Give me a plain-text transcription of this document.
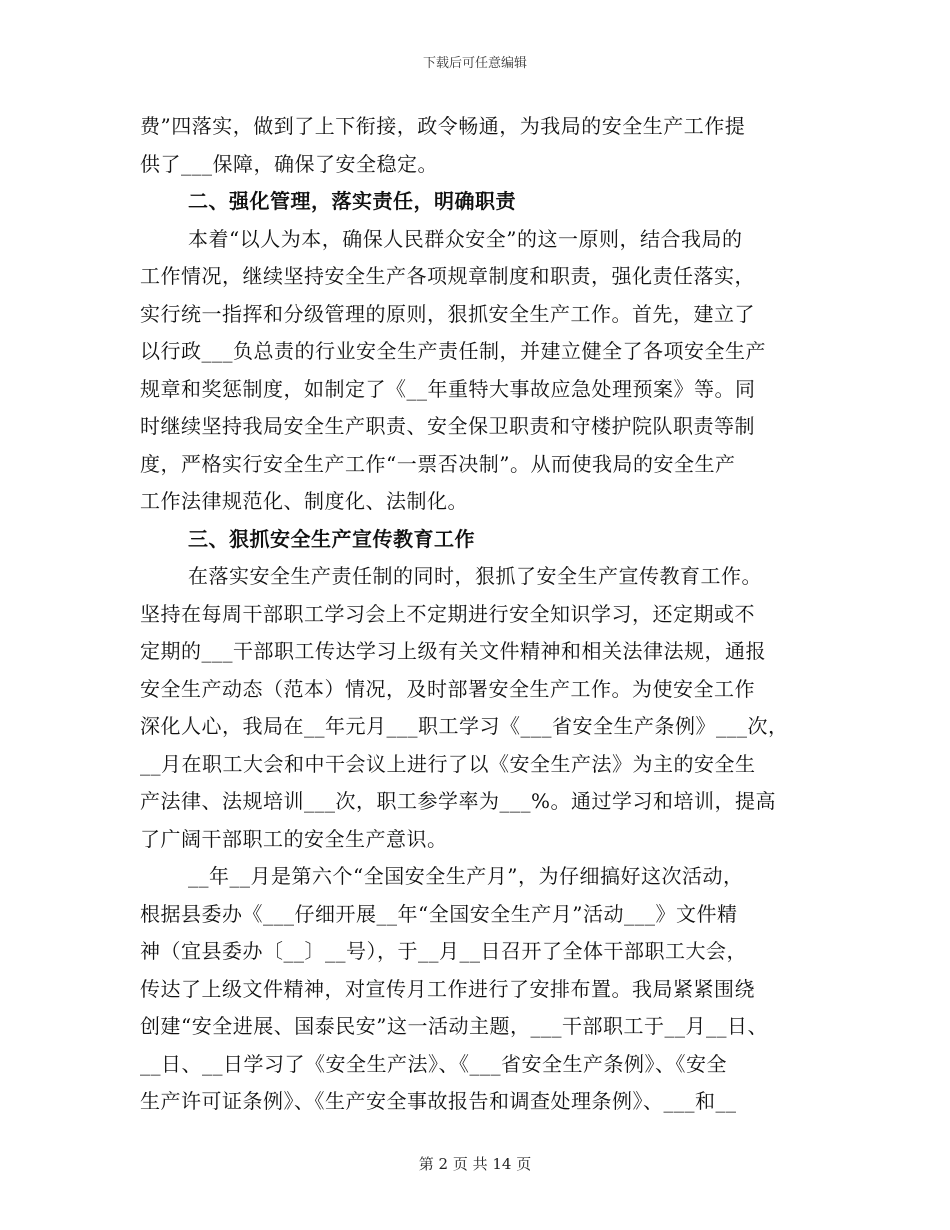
下载后可任意编辑
费”四落实，做到了上下衔接，政令畅通，为我局的安全生产工作提
供了___保障，确保了安全稳定。
二、强化管理，落实责任，明确职责
本着“以人为本，确保人民群众安全”的这一原则，结合我局的
工作情况，继续坚持安全生产各项规章制度和职责，强化责任落实，
实行统一指挥和分级管理的原则，狠抓安全生产工作。首先，建立了
以行政___负总责的行业安全生产责任制，并建立健全了各项安全生产
规章和奖惩制度，如制定了《__年重特大事故应急处理预案》等。同
时继续坚持我局安全生产职责、安全保卫职责和守楼护院队职责等制
度，严格实行安全生产工作“一票否决制”。从而使我局的安全生产
工作法律规范化、制度化、法制化。
三、狠抓安全生产宣传教育工作
在落实安全生产责任制的同时，狠抓了安全生产宣传教育工作。
坚持在每周干部职工学习会上不定期进行安全知识学习，还定期或不
定期的___干部职工传达学习上级有关文件精神和相关法律法规，通报
安全生产动态（范本）情况，及时部署安全生产工作。为使安全工作
深化人心，我局在__年元月___职工学习《___省安全生产条例》___次，
__月在职工大会和中干会议上进行了以《安全生产法》为主的安全生
产法律、法规培训___次，职工参学率为___%。通过学习和培训，提高
了广阔干部职工的安全生产意识。
__年__月是第六个“全国安全生产月”，为仔细搞好这次活动，
根据县委办《___仔细开展__年“全国安全生产月”活动___》文件精
神（宜县委办〔__〕__号），于__月__日召开了全体干部职工大会，
传达了上级文件精神，对宣传月工作进行了安排布置。我局紧紧围绕
创建“安全进展、国泰民安”这一活动主题，___干部职工于__月__日、
__日、__日学习了《安全生产法》、《___省安全生产条例》、《安全
生产许可证条例》、《生产安全事故报告和调查处理条例》、___和__
第 2 页 共 14 页
